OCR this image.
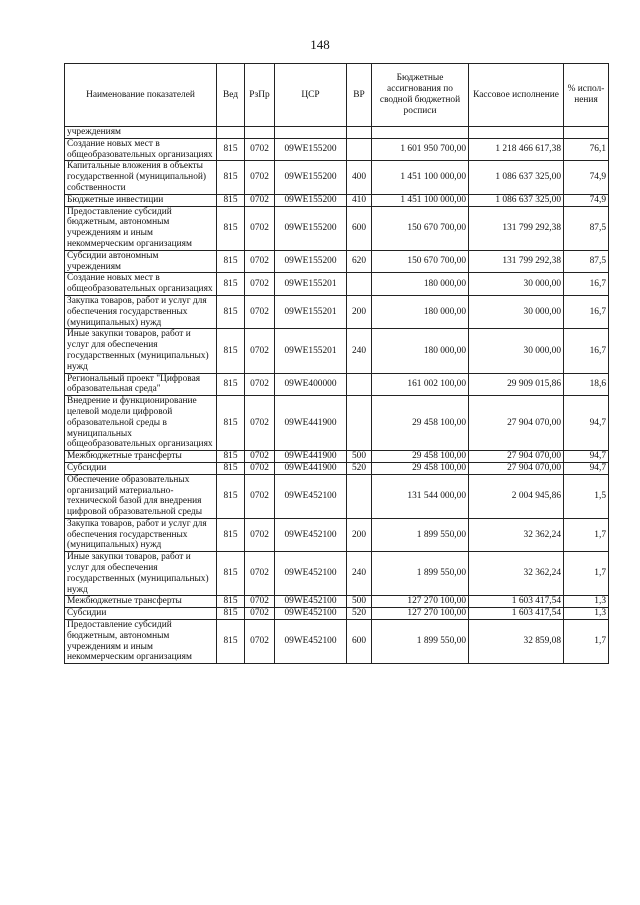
148
Наименование показателей	Вед	РзПр	ЦСР	ВР	Бюджетные ассигнования по сводной бюджетной росписи	Кассовое исполнение	% испол-нения
учреждениям							
Создание новых мест в общеобразовательных организациях	815	0702	09WE155200		1 601 950 700,00	1 218 466 617,38	76,1
Капитальные вложения в объекты государственной (муниципальной) собственности	815	0702	09WE155200	400	1 451 100 000,00	1 086 637 325,00	74,9
Бюджетные инвестиции	815	0702	09WE155200	410	1 451 100 000,00	1 086 637 325,00	74,9
Предоставление субсидий бюджетным, автономным учреждениям и иным некоммерческим организациям	815	0702	09WE155200	600	150 670 700,00	131 799 292,38	87,5
Субсидии автономным учреждениям	815	0702	09WE155200	620	150 670 700,00	131 799 292,38	87,5
Создание новых мест в общеобразовательных организациях	815	0702	09WE155201		180 000,00	30 000,00	16,7
Закупка товаров, работ и услуг для обеспечения государственных (муниципальных) нужд	815	0702	09WE155201	200	180 000,00	30 000,00	16,7
Иные закупки товаров, работ и услуг для обеспечения государственных (муниципальных) нужд	815	0702	09WE155201	240	180 000,00	30 000,00	16,7
Региональный проект "Цифровая образовательная среда"	815	0702	09WE400000		161 002 100,00	29 909 015,86	18,6
Внедрение и функционирование целевой модели цифровой образовательной среды в муниципальных общеобразовательных организациях	815	0702	09WE441900		29 458 100,00	27 904 070,00	94,7
Межбюджетные трансферты	815	0702	09WE441900	500	29 458 100,00	27 904 070,00	94,7
Субсидии	815	0702	09WE441900	520	29 458 100,00	27 904 070,00	94,7
Обеспечение образовательных организаций материально-технической базой для внедрения цифровой образовательной среды	815	0702	09WE452100		131 544 000,00	2 004 945,86	1,5
Закупка товаров, работ и услуг для обеспечения государственных (муниципальных) нужд	815	0702	09WE452100	200	1 899 550,00	32 362,24	1,7
Иные закупки товаров, работ и услуг для обеспечения государственных (муниципальных) нужд	815	0702	09WE452100	240	1 899 550,00	32 362,24	1,7
Межбюджетные трансферты	815	0702	09WE452100	500	127 270 100,00	1 603 417,54	1,3
Субсидии	815	0702	09WE452100	520	127 270 100,00	1 603 417,54	1,3
Предоставление субсидий бюджетным, автономным учреждениям и иным некоммерческим организациям	815	0702	09WE452100	600	1 899 550,00	32 859,08	1,7
